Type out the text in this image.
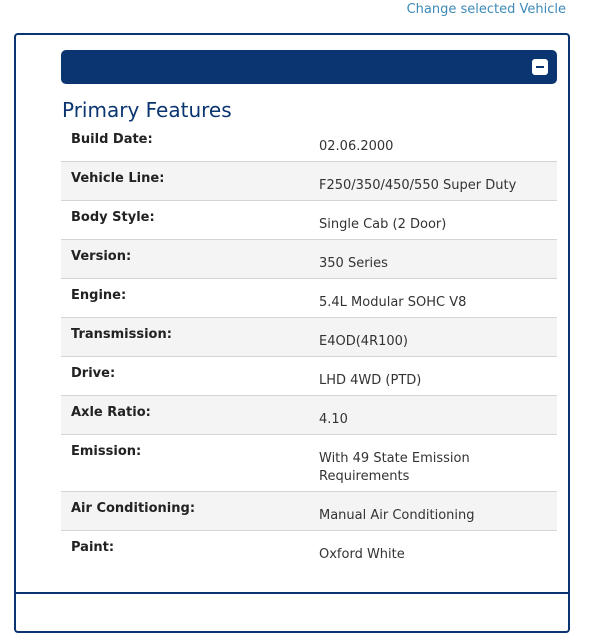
Change selected Vehicle
Primary Features
Build Date:	02.06.2000
Vehicle Line:	F250/350/450/550 Super Duty
Body Style:	Single Cab (2 Door)
Version:	350 Series
Engine:	5.4L Modular SOHC V8
Transmission:	E4OD(4R100)
Drive:	LHD 4WD (PTD)
Axle Ratio:	4.10
Emission:	With 49 State Emission Requirements
Air Conditioning:	Manual Air Conditioning
Paint:	Oxford White
